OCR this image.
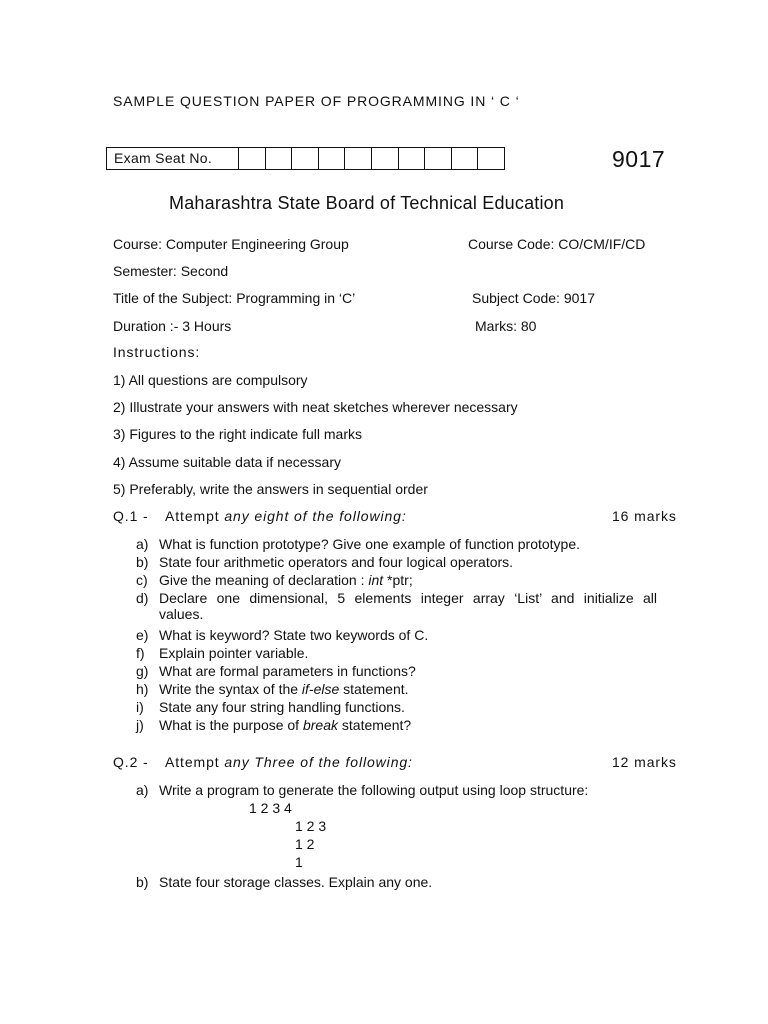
SAMPLE QUESTION PAPER OF PROGRAMMING IN ‘ C ‘
Exam Seat No.	9017
Maharashtra State Board of Technical Education
Course: Computer Engineering Group	Course Code: CO/CM/IF/CD
Semester: Second
Title of the Subject: Programming in ‘C’	Subject Code: 9017
Duration :- 3 Hours	Marks: 80
Instructions:
1) All questions are compulsory
2) Illustrate your answers with neat sketches wherever necessary
3) Figures to the right indicate full marks
4) Assume suitable data if necessary
5) Preferably, write the answers in sequential order
Q.1 - Attempt any eight of the following:	16 marks
a) What is function prototype? Give one example of function prototype.
b) State four arithmetic operators and four logical operators.
c) Give the meaning of declaration : int *ptr;
d) Declare one dimensional, 5 elements integer array ‘List’ and initialize all
values.
e) What is keyword? State two keywords of C.
f) Explain pointer variable.
g) What are formal parameters in functions?
h) Write the syntax of the if-else statement.
i) State any four string handling functions.
j) What is the purpose of break statement?
Q.2 - Attempt any Three of the following:	12 marks
a) Write a program to generate the following output using loop structure:
b) State four storage classes. Explain any one.
1 2 3 4
1 2 3
1 2
1
